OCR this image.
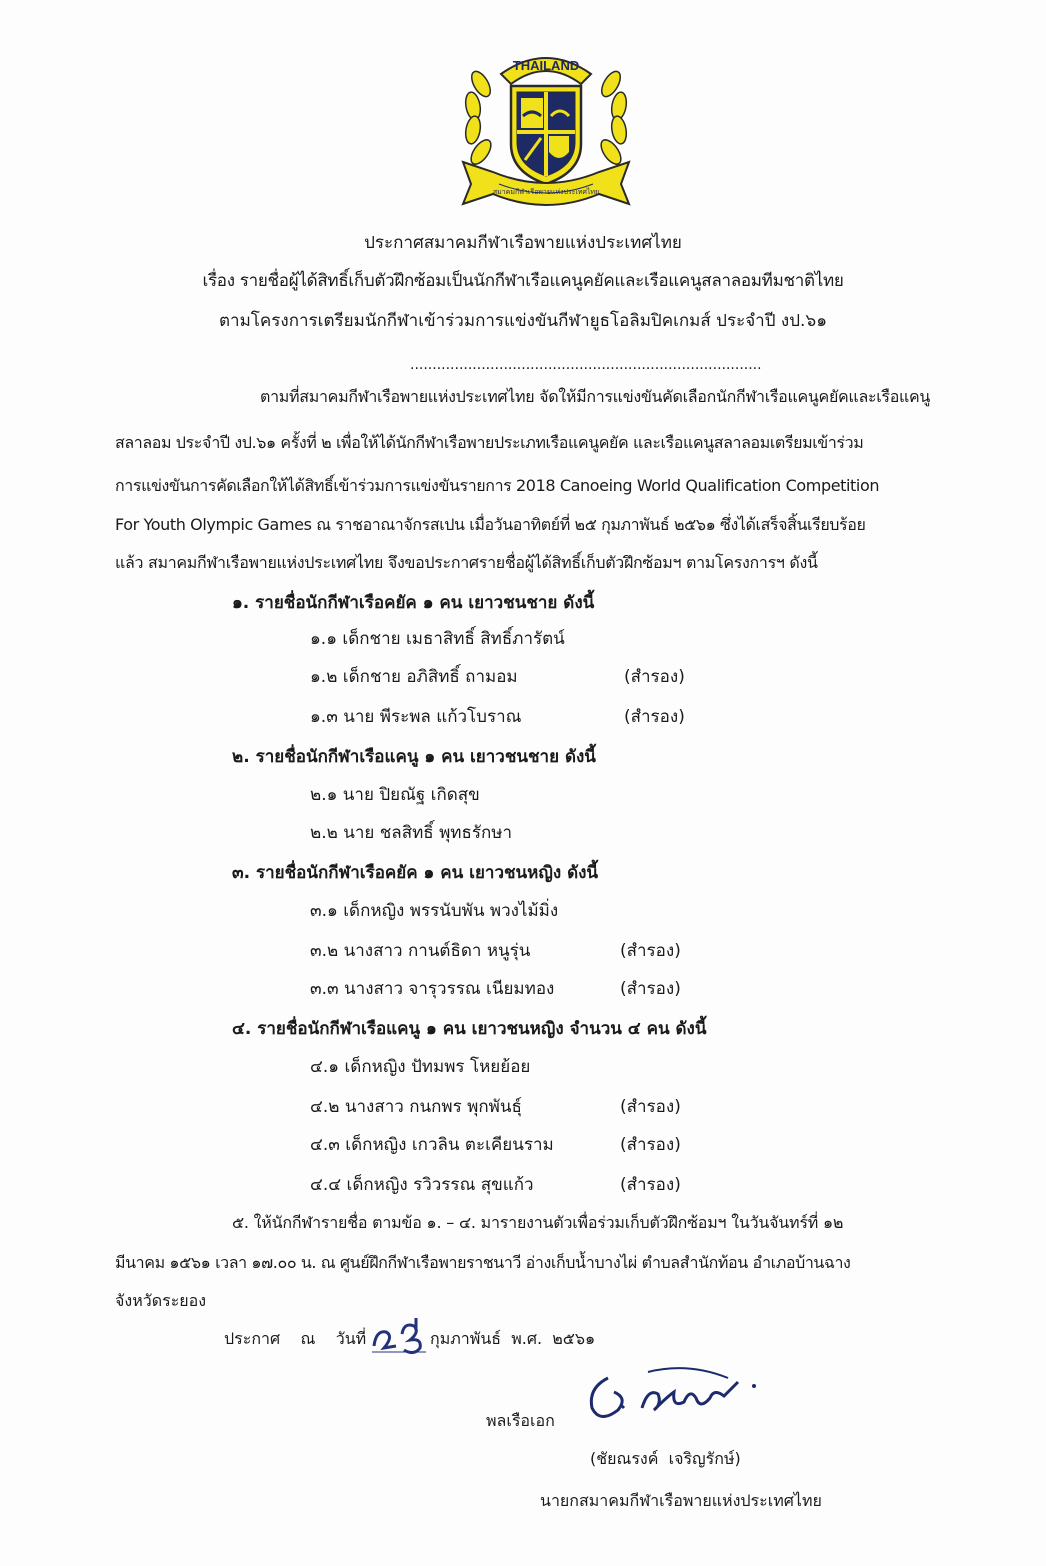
THAILAND
สมาคมกีฬาเรือพายแห่งประเทศไทย
ประกาศสมาคมกีฬาเรือพายแห่งประเทศไทย
เรื่อง รายชื่อผู้ได้สิทธิ์เก็บตัวฝึกซ้อมเป็นนักกีฬาเรือแคนูคยัคและเรือแคนูสลาลอมทีมชาติไทย
ตามโครงการเตรียมนักกีฬาเข้าร่วมการแข่งขันกีฬายูธโอลิมปิคเกมส์ ประจำปี งป.๖๑
...............................................................................
ตามที่สมาคมกีฬาเรือพายแห่งประเทศไทย จัดให้มีการแข่งขันคัดเลือกนักกีฬาเรือแคนูคยัคและเรือแคนู
สลาลอม ประจำปี งป.๖๑ ครั้งที่ ๒ เพื่อให้ได้นักกีฬาเรือพายประเภทเรือแคนูคยัค และเรือแคนูสลาลอมเตรียมเข้าร่วม
การแข่งขันการคัดเลือกให้ได้สิทธิ์เข้าร่วมการแข่งขันรายการ 2018 Canoeing World Qualification Competition
For Youth Olympic Games ณ ราชอาณาจักรสเปน เมื่อวันอาทิตย์ที่ ๒๕ กุมภาพันธ์ ๒๕๖๑ ซึ่งได้เสร็จสิ้นเรียบร้อย
แล้ว สมาคมกีฬาเรือพายแห่งประเทศไทย จึงขอประกาศรายชื่อผู้ได้สิทธิ์เก็บตัวฝึกซ้อมฯ ตามโครงการฯ ดังนี้
๑. รายชื่อนักกีฬาเรือคยัค ๑ คน เยาวชนชาย ดังนี้
๑.๑ เด็กชาย เมธาสิทธิ์ สิทธิ์ภารัตน์
๑.๒ เด็กชาย อภิสิทธิ์ ถามอม	(สำรอง)
๑.๓ นาย พีระพล แก้วโบราณ	(สำรอง)
๒. รายชื่อนักกีฬาเรือแคนู ๑ คน เยาวชนชาย ดังนี้
๒.๑ นาย ปิยณัฐ เกิดสุข
๒.๒ นาย ชลสิทธิ์ พุทธรักษา
๓. รายชื่อนักกีฬาเรือคยัค ๑ คน เยาวชนหญิง ดังนี้
๓.๑ เด็กหญิง พรรนับพัน พวงไม้มิ่ง
๓.๒ นางสาว กานต์ธิดา หนูรุ่น	(สำรอง)
๓.๓ นางสาว จารุวรรณ เนียมทอง	(สำรอง)
๔. รายชื่อนักกีฬาเรือแคนู ๑ คน เยาวชนหญิง จำนวน ๔ คน ดังนี้
๔.๑ เด็กหญิง ปัทมพร โหยย้อย
๔.๒ นางสาว กนกพร พุกพันธุ์	(สำรอง)
๔.๓ เด็กหญิง เกวลิน ตะเคียนราม	(สำรอง)
๔.๔ เด็กหญิง รวิวรรณ สุขแก้ว	(สำรอง)
๕. ให้นักกีฬารายชื่อ ตามข้อ ๑. – ๔. มารายงานตัวเพื่อร่วมเก็บตัวฝึกซ้อมฯ ในวันจันทร์ที่ ๑๒
มีนาคม ๑๕๖๑ เวลา ๑๗.๐๐ น. ณ ศูนย์ฝึกกีฬาเรือพายราชนาวี อ่างเก็บน้ำบางไผ่ ตำบลสำนักท้อน อำเภอบ้านฉาง
จังหวัดระยอง
ประกาศ    ณ    วันที่	กุมภาพันธ์  พ.ศ.  ๒๕๖๑
พลเรือเอก
(ชัยณรงค์  เจริญรักษ์)
นายกสมาคมกีฬาเรือพายแห่งประเทศไทย
